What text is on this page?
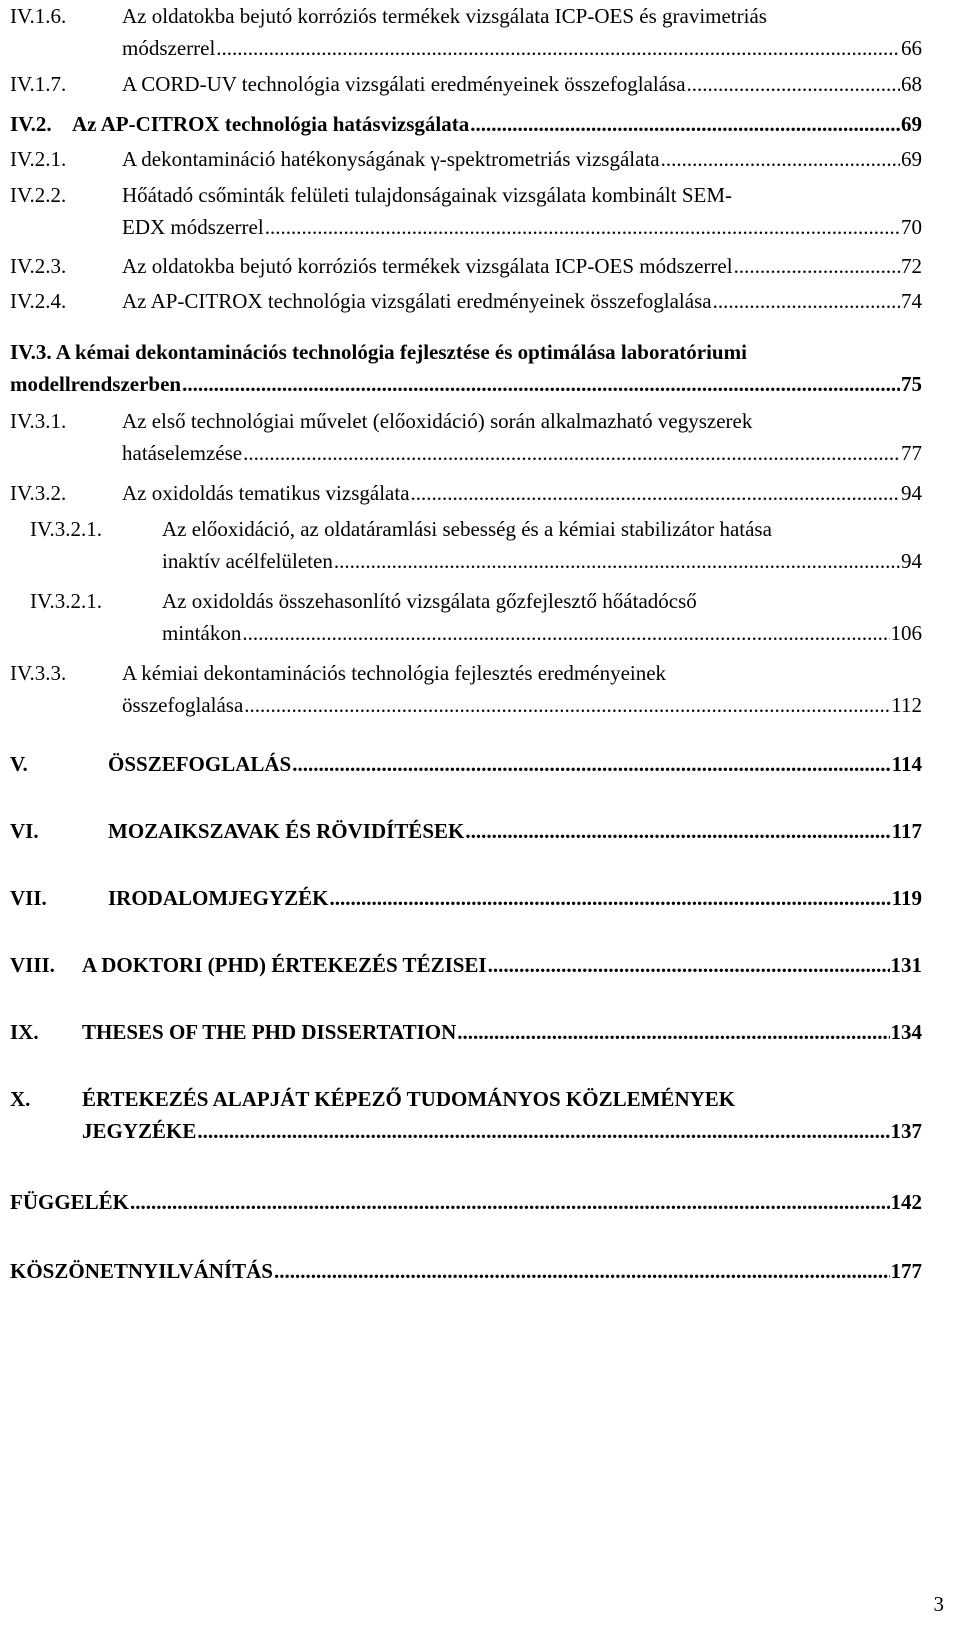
IV.1.6.	Az oldatokba bejutó korróziós termékek vizsgálata ICP-OES és gravimetriás
módszerrel .....	66
IV.1.7.	A CORD-UV technológia vizsgálati eredményeinek összefoglalása .....	68
IV.2. Az AP-CITROX technológia hatásvizsgálata .....	69
IV.2.1.	A dekontamináció hatékonyságának γ-spektrometriás vizsgálata .....	69
IV.2.2.	Hőátadó csőminták felületi tulajdonságainak vizsgálata kombinált SEM-
EDX módszerrel .....	70
IV.2.3.	Az oldatokba bejutó korróziós termékek vizsgálata ICP-OES módszerrel .....	72
IV.2.4.	Az AP-CITROX technológia vizsgálati eredményeinek összefoglalása .....	74
IV.3. A kémai dekontaminációs technológia fejlesztése és optimálása laboratóriumi
modellrendszerben .....	75
IV.3.1.	Az első technológiai művelet (előoxidáció) során alkalmazható vegyszerek
hatáselemzése .....	77
IV.3.2.	Az oxidoldás tematikus vizsgálata .....	94
IV.3.2.1.	Az előoxidáció, az oldatáramlási sebesség és a kémiai stabilizátor hatása
inaktív acélfelületen .....	94
IV.3.2.1.	Az oxidoldás összehasonlító vizsgálata gőzfejlesztő hőátadócső
mintákon .....	106
IV.3.3.	A kémiai dekontaminációs technológia fejlesztés eredményeinek
összefoglalása .....	112
V.	ÖSSZEFOGLALÁS .....	114
VI.	MOZAIKSZAVAK ÉS RÖVIDÍTÉSEK .....	117
VII.	IRODALOMJEGYZÉK .....	119
VIII. A DOKTORI (PHD) ÉRTEKEZÉS TÉZISEI .....	131
IX. THESES OF THE PHD DISSERTATION .....	134
X. ÉRTEKEZÉS ALAPJÁT KÉPEZŐ TUDOMÁNYOS KÖZLEMÉNYEK
JEGYZÉKE .....	137
FÜGGELÉK .....	142
KÖSZÖNETNYILVÁNÍTÁS .....	177
3
